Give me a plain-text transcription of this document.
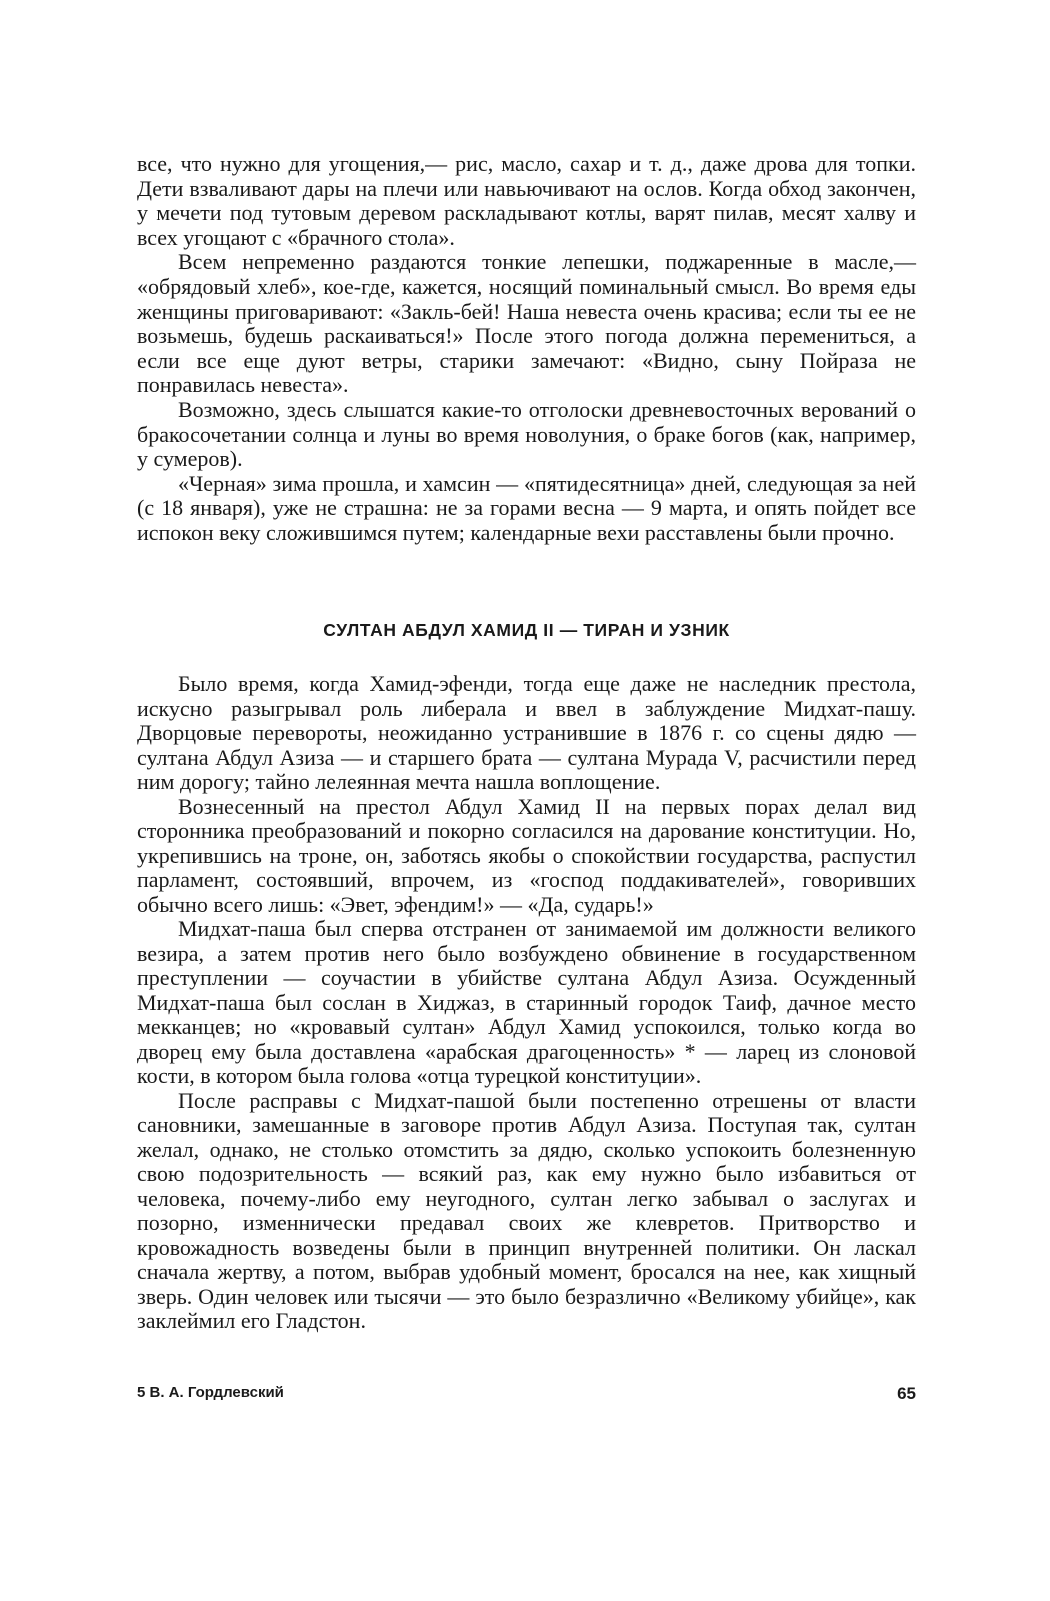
все, что нужно для угощения,— рис, масло, сахар и т. д., даже дрова для топки. Дети взваливают дары на плечи или навьючивают на ослов. Когда обход закончен, у мечети под тутовым деревом раскладывают котлы, варят пилав, месят халву и всех угощают с «брачного стола».

Всем непременно раздаются тонкие лепешки, поджаренные в масле,— «обрядовый хлеб», кое-где, кажется, носящий поминальный смысл. Во время еды женщины приговаривают: «Закль-бей! Наша невеста очень красива; если ты ее не возьмешь, будешь раскаиваться!» После этого погода должна перемениться, а если все еще дуют ветры, старики замечают: «Видно, сыну Пойраза не понравилась невеста».

Возможно, здесь слышатся какие-то отголоски древневосточных верований о бракосочетании солнца и луны во время новолуния, о браке богов (как, например, у сумеров).

«Черная» зима прошла, и хамсин — «пятидесятница» дней, следующая за ней (с 18 января), уже не страшна: не за горами весна — 9 марта, и опять пойдет все испокон веку сложившимся путем; календарные вехи расставлены были прочно.

СУЛТАН АБДУЛ ХАМИД II — ТИРАН И УЗНИК

Было время, когда Хамид-эфенди, тогда еще даже не наследник престола, искусно разыгрывал роль либерала и ввел в заблуждение Мидхат-пашу. Дворцовые перевороты, неожиданно устранившие в 1876 г. со сцены дядю — султана Абдул Азиза — и старшего брата — султана Мурада V, расчистили перед ним дорогу; тайно лелеянная мечта нашла воплощение.

Вознесенный на престол Абдул Хамид II на первых порах делал вид сторонника преобразований и покорно согласился на дарование конституции. Но, укрепившись на троне, он, заботясь якобы о спокойствии государства, распустил парламент, состоявший, впрочем, из «господ поддакивателей», говоривших обычно всего лишь: «Эвет, эфендим!» — «Да, сударь!»

Мидхат-паша был сперва отстранен от занимаемой им должности великого везира, а затем против него было возбуждено обвинение в государственном преступлении — соучастии в убийстве султана Абдул Азиза. Осужденный Мидхат-паша был сослан в Хиджаз, в старинный городок Таиф, дачное место мекканцев; но «кровавый султан» Абдул Хамид успокоился, только когда во дворец ему была доставлена «арабская драгоценность» * — ларец из слоновой кости, в котором была голова «отца турецкой конституции».

После расправы с Мидхат-пашой были постепенно отрешены от власти сановники, замешанные в заговоре против Абдул Азиза. Поступая так, султан желал, однако, не столько отомстить за дядю, сколько успокоить болезненную свою подозрительность — всякий раз, как ему нужно было избавиться от человека, почему-либо ему неугодного, султан легко забывал о заслугах и позорно, изменнически предавал своих же клевретов. Притворство и кровожадность возведены были в принцип внутренней политики. Он ласкал сначала жертву, а потом, выбрав удобный момент, бросался на нее, как хищный зверь. Один человек или тысячи — это было безразлично «Великому убийце», как заклеймил его Гладстон.

5 В. А. Гордлевский	65
